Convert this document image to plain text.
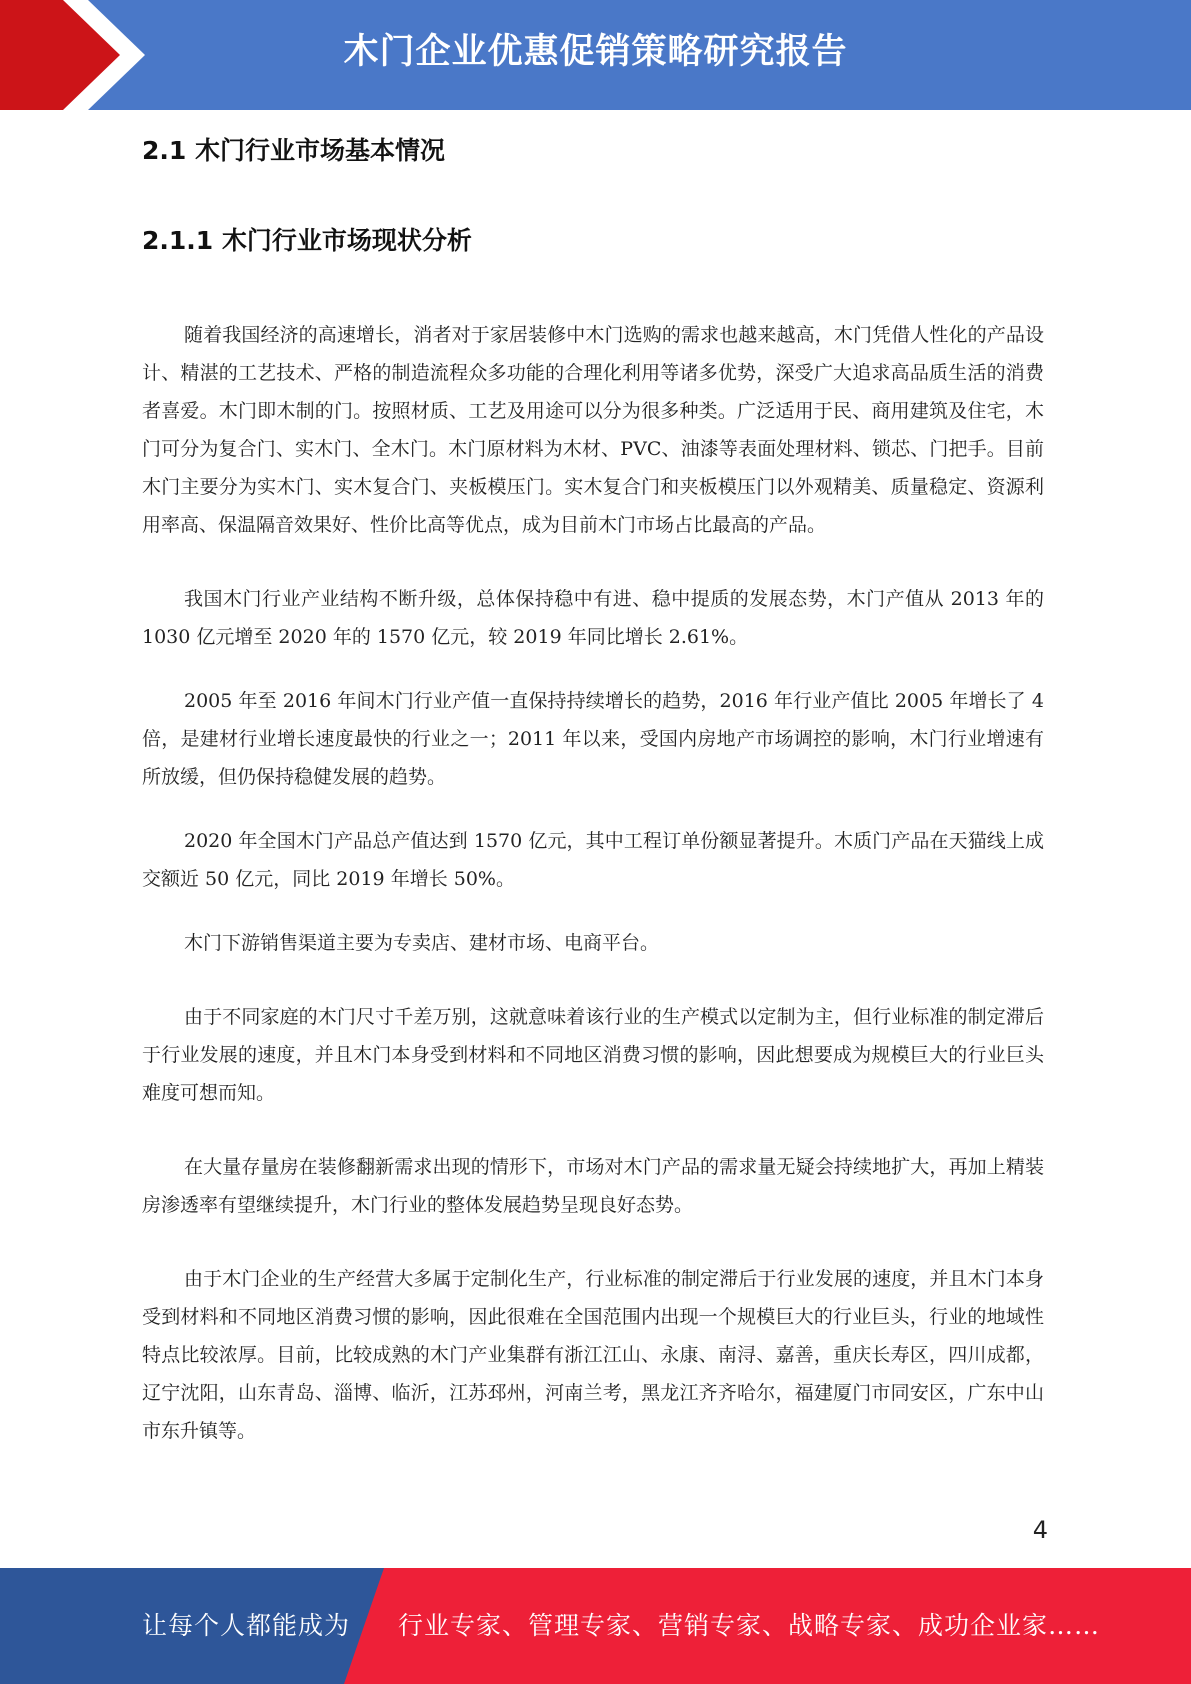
木门企业优惠促销策略研究报告
2.1 木门行业市场基本情况
2.1.1 木门行业市场现状分析

随着我国经济的高速增长，消者对于家居装修中木门选购的需求也越来越高，木门凭借人性化的产品设计、精湛的工艺技术、严格的制造流程众多功能的合理化利用等诸多优势，深受广大追求高品质生活的消费者喜爱。木门即木制的门。按照材质、工艺及用途可以分为很多种类。广泛适用于民、商用建筑及住宅，木门可分为复合门、实木门、全木门。木门原材料为木材、PVC、油漆等表面处理材料、锁芯、门把手。目前木门主要分为实木门、实木复合门、夹板模压门。实木复合门和夹板模压门以外观精美、质量稳定、资源利用率高、保温隔音效果好、性价比高等优点，成为目前木门市场占比最高的产品。

我国木门行业产业结构不断升级，总体保持稳中有进、稳中提质的发展态势，木门产值从 2013 年的 1030 亿元增至 2020 年的 1570 亿元，较 2019 年同比增长 2.61%。

2005 年至 2016 年间木门行业产值一直保持持续增长的趋势，2016 年行业产值比 2005 年增长了 4 倍，是建材行业增长速度最快的行业之一；2011 年以来，受国内房地产市场调控的影响，木门行业增速有所放缓，但仍保持稳健发展的趋势。

2020 年全国木门产品总产值达到 1570 亿元，其中工程订单份额显著提升。木质门产品在天猫线上成交额近 50 亿元，同比 2019 年增长 50%。

木门下游销售渠道主要为专卖店、建材市场、电商平台。

由于不同家庭的木门尺寸千差万别，这就意味着该行业的生产模式以定制为主，但行业标准的制定滞后于行业发展的速度，并且木门本身受到材料和不同地区消费习惯的影响，因此想要成为规模巨大的行业巨头难度可想而知。

在大量存量房在装修翻新需求出现的情形下，市场对木门产品的需求量无疑会持续地扩大，再加上精装房渗透率有望继续提升，木门行业的整体发展趋势呈现良好态势。

由于木门企业的生产经营大多属于定制化生产，行业标准的制定滞后于行业发展的速度，并且木门本身受到材料和不同地区消费习惯的影响，因此很难在全国范围内出现一个规模巨大的行业巨头，行业的地域性特点比较浓厚。目前，比较成熟的木门产业集群有浙江江山、永康、南浔、嘉善，重庆长寿区，四川成都，辽宁沈阳，山东青岛、淄博、临沂，江苏邳州，河南兰考，黑龙江齐齐哈尔，福建厦门市同安区，广东中山市东升镇等。

4
让每个人都能成为 行业专家、管理专家、营销专家、战略专家、成功企业家……
